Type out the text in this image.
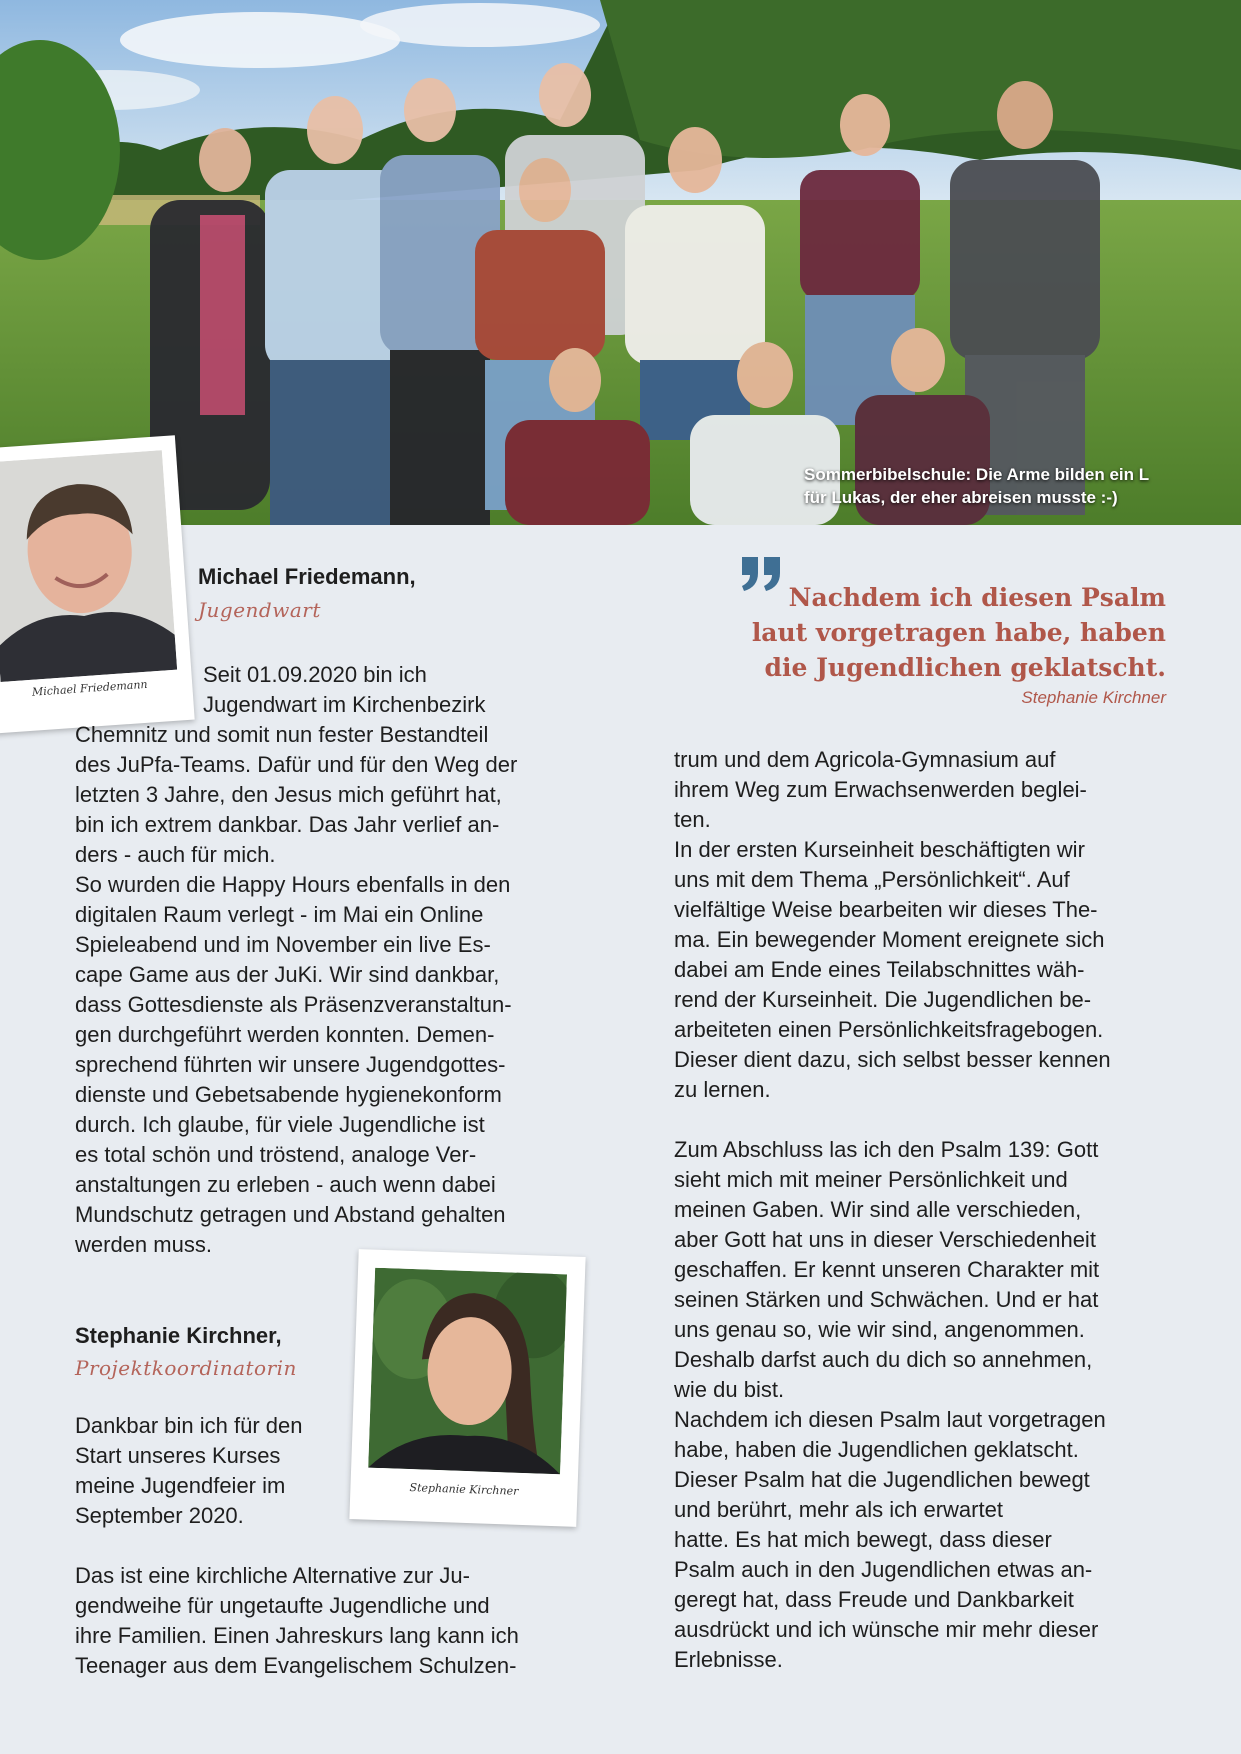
Sommerbibelschule: Die Arme bilden ein L
für Lukas, der eher abreisen musste :-)
Michael Friedemann
Michael Friedemann,
Jugendwart

Seit 01.09.2020 bin ich
Jugendwart im Kirchenbezirk

Chemnitz und somit nun fester Bestandteil
des JuPfa-Teams. Dafür und für den Weg der
letzten 3 Jahre, den Jesus mich geführt hat,
bin ich extrem dankbar. Das Jahr verlief an-
ders - auch für mich.
So wurden die Happy Hours ebenfalls in den
digitalen Raum verlegt - im Mai ein Online
Spieleabend und im November ein live Es-
cape Game aus der JuKi. Wir sind dankbar,
dass Gottesdienste als Präsenzveranstaltun-
gen durchgeführt werden konnten. Demen-
sprechend führten wir unsere Jugendgottes-
dienste und Gebetsabende hygienekonform
durch. Ich glaube, für viele Jugendliche ist
es total schön und tröstend, analoge Ver-
anstaltungen zu erleben - auch wenn dabei
Mundschutz getragen und Abstand gehalten
werden muss.

Stephanie Kirchner,
Projektkoordinatorin
Stephanie Kirchner

Dankbar bin ich für den
Start unseres Kurses
meine Jugendfeier im
September 2020.

Das ist eine kirchliche Alternative zur Ju-
gendweihe für ungetaufte Jugendliche und
ihre Familien. Einen Jahreskurs lang kann ich
Teenager aus dem Evangelischem Schulzen-

Nachdem ich diesen Psalm
laut vorgetragen habe, haben
die Jugendlichen geklatscht.

Stephanie Kirchner

trum und dem Agricola-Gymnasium auf
ihrem Weg zum Erwachsenwerden beglei-
ten.
In der ersten Kurseinheit beschäftigten wir
uns mit dem Thema „Persönlichkeit“. Auf
vielfältige Weise bearbeiten wir dieses The-
ma. Ein bewegender Moment ereignete sich
dabei am Ende eines Teilabschnittes wäh-
rend der Kurseinheit. Die Jugendlichen be-
arbeiteten einen Persönlichkeitsfragebogen.
Dieser dient dazu, sich selbst besser kennen
zu lernen.

Zum Abschluss las ich den Psalm 139: Gott
sieht mich mit meiner Persönlichkeit und
meinen Gaben. Wir sind alle verschieden,
aber Gott hat uns in dieser Verschiedenheit
geschaffen. Er kennt unseren Charakter mit
seinen Stärken und Schwächen. Und er hat
uns genau so, wie wir sind, angenommen.
Deshalb darfst auch du dich so annehmen,
wie du bist.
Nachdem ich diesen Psalm laut vorgetragen
habe, haben die Jugendlichen geklatscht.
Dieser Psalm hat die Jugendlichen bewegt
und berührt, mehr als ich erwartet
hatte. Es hat mich bewegt, dass dieser
Psalm auch in den Jugendlichen etwas an-
geregt hat, dass Freude und Dankbarkeit
ausdrückt und ich wünsche mir mehr dieser
Erlebnisse.
